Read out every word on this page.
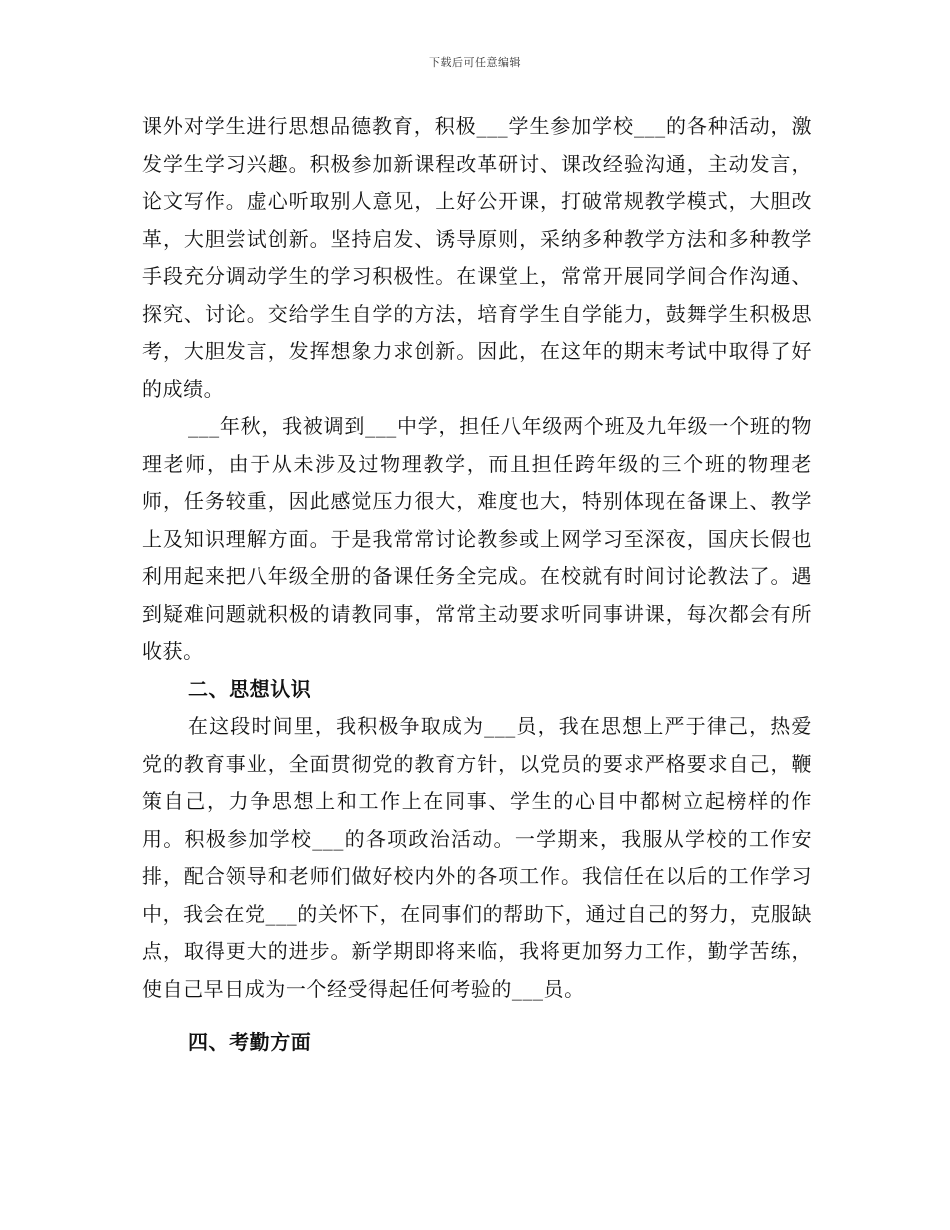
下载后可任意编辑

课外对学生进行思想品德教育，积极___学生参加学校___的各种活动，激发学生学习兴趣。积极参加新课程改革研讨、课改经验沟通，主动发言，论文写作。虚心听取别人意见，上好公开课，打破常规教学模式，大胆改革，大胆尝试创新。坚持启发、诱导原则，采纳多种教学方法和多种教学手段充分调动学生的学习积极性。在课堂上，常常开展同学间合作沟通、探究、讨论。交给学生自学的方法，培育学生自学能力，鼓舞学生积极思考，大胆发言，发挥想象力求创新。因此，在这年的期末考试中取得了好的成绩。

___年秋，我被调到___中学，担任八年级两个班及九年级一个班的物理老师，由于从未涉及过物理教学，而且担任跨年级的三个班的物理老师，任务较重，因此感觉压力很大，难度也大，特别体现在备课上、教学上及知识理解方面。于是我常常讨论教参或上网学习至深夜，国庆长假也利用起来把八年级全册的备课任务全完成。在校就有时间讨论教法了。遇到疑难问题就积极的请教同事，常常主动要求听同事讲课，每次都会有所收获。

二、思想认识

在这段时间里，我积极争取成为___员，我在思想上严于律己，热爱党的教育事业，全面贯彻党的教育方针，以党员的要求严格要求自己，鞭策自己，力争思想上和工作上在同事、学生的心目中都树立起榜样的作用。积极参加学校___的各项政治活动。一学期来，我服从学校的工作安排，配合领导和老师们做好校内外的各项工作。我信任在以后的工作学习中，我会在党___的关怀下，在同事们的帮助下，通过自己的努力，克服缺点，取得更大的进步。新学期即将来临，我将更加努力工作，勤学苦练，使自己早日成为一个经受得起任何考验的___员。

四、考勤方面
